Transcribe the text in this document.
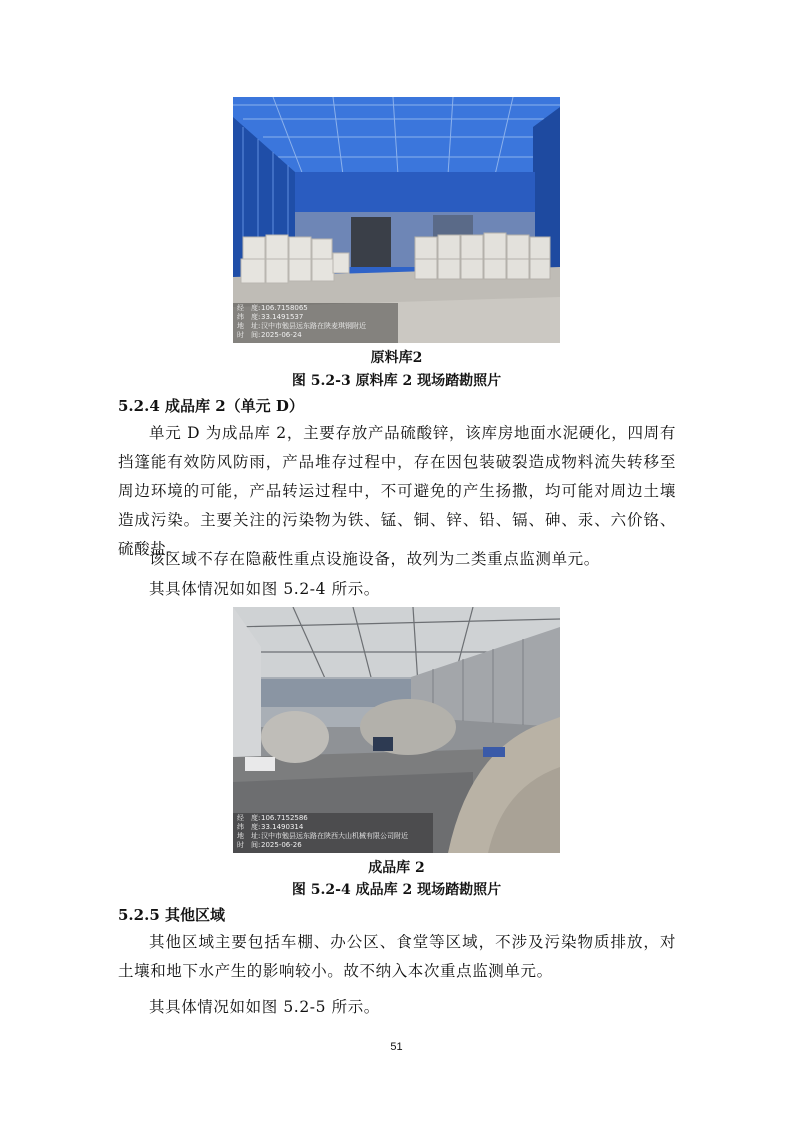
经　度:106.7158065
纬　度:33.1491537
地　址:汉中市勉县远东路在陕麦琪钢附近
时　间:2025-06-24
原料库2
图 5.2-3 原料库 2 现场踏勘照片
5.2.4 成品库 2（单元 D）
单元 D 为成品库 2，主要存放产品硫酸锌，该库房地面水泥硬化，四周有挡篷能有效防风防雨，产品堆存过程中，存在因包装破裂造成物料流失转移至周边环境的可能，产品转运过程中，不可避免的产生扬撒，均可能对周边土壤造成污染。主要关注的污染物为铁、锰、铜、锌、铅、镉、砷、汞、六价铬、硫酸盐。
该区域不存在隐蔽性重点设施设备，故列为二类重点监测单元。
其具体情况如如图 5.2-4 所示。
经　度:106.7152586
纬　度:33.1490314
地　址:汉中市勉县远东路在陕西大山机械有限公司附近
时　间:2025-06-26
成品库 2
图 5.2-4 成品库 2 现场踏勘照片
5.2.5 其他区域
其他区域主要包括车棚、办公区、食堂等区域，不涉及污染物质排放，对土壤和地下水产生的影响较小。故不纳入本次重点监测单元。
其具体情况如如图 5.2-5 所示。
51
